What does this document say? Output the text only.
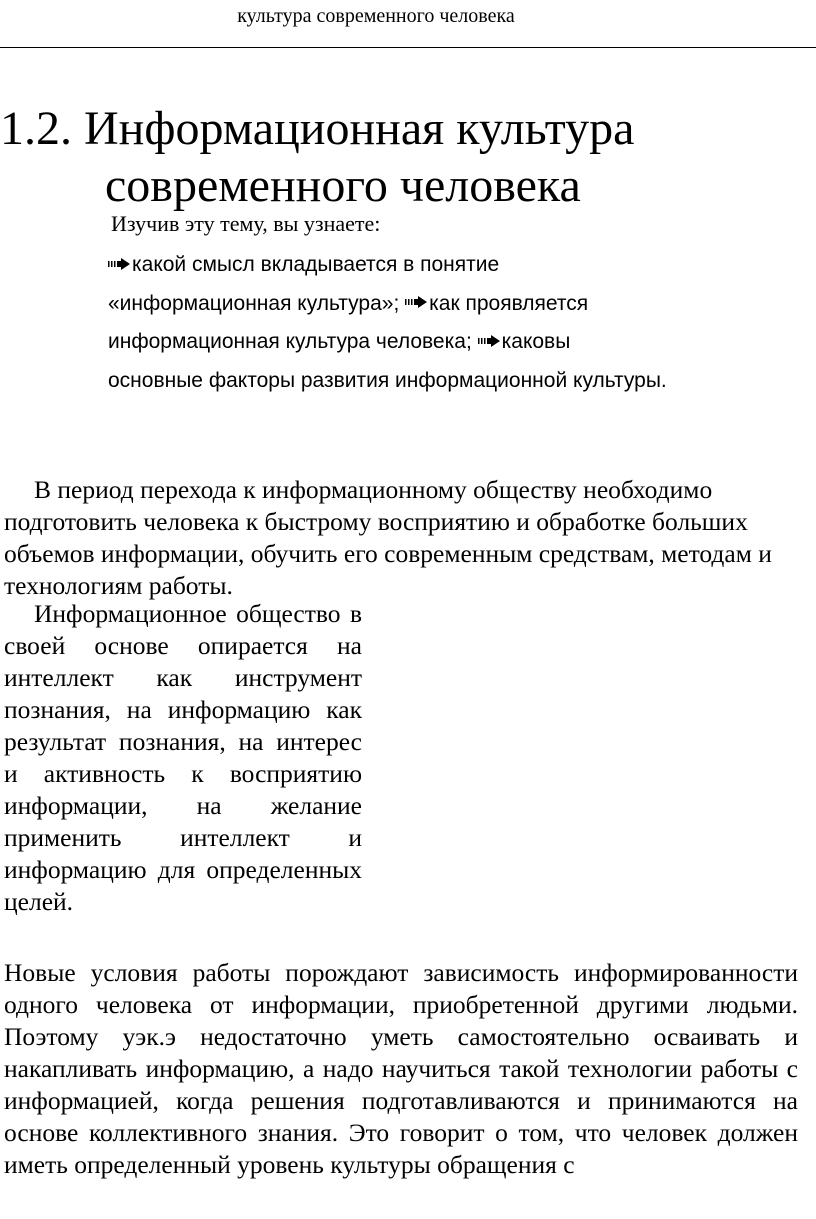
культура современного человека
1.2. Информационная культура
современного человека
Изучив эту тему, вы узнаете:
какой смысл вкладывается в понятие «информационная культура»; как проявляется информационная культура человека; каковы основные факторы развития информационной культуры.

В период перехода к информационному обществу необходимо подготовить человека к быстрому восприятию и обработке больших объемов информации, обучить его современным средствам, методам и технологиям работы.

Информационное общество в своей основе опирается на интеллект как инструмент познания, на информацию как результат познания, на интерес и активность к восприятию информации, на желание применить интеллект и информацию для определенных целей.

Новые условия работы порождают зависимость информированности одного человека от информации, приобретенной другими людьми. Поэтому уэк.э недостаточно уметь самостоятельно осваивать и накапливать информацию, а надо научиться такой технологии работы с информацией, когда решения подготавливаются и принимаются на основе коллективного знания. Это говорит о том, что человек должен иметь определенный уровень культуры обращения с
